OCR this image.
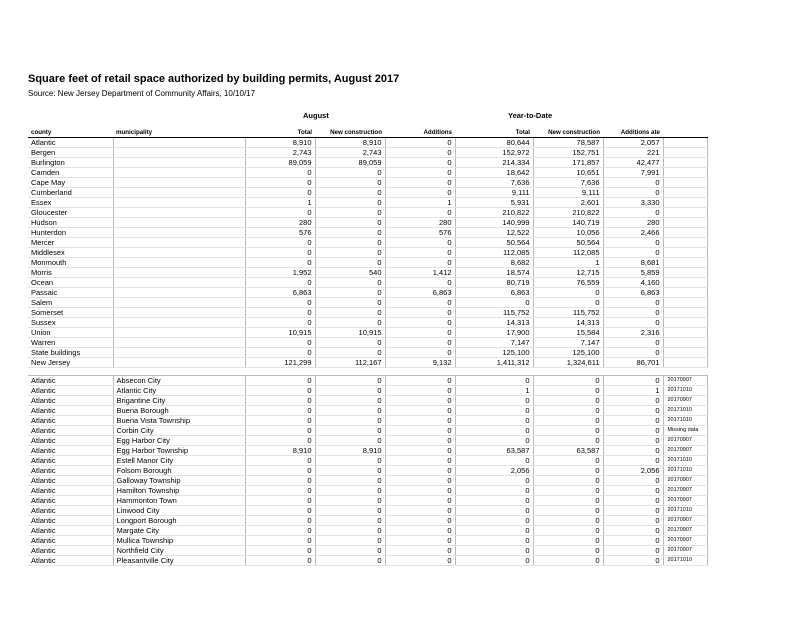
Square feet of retail space authorized by building permits, August 2017
Source: New Jersey Department of Community Affairs, 10/10/17
August	Year-to-Date
county	municipality	Total	New construction	Additions	Total	New construction	Additions ate	
Atlantic		8,910	8,910	0	80,644	78,587	2,057	
Bergen		2,743	2,743	0	152,972	152,751	221	
Burlington		89,059	89,059	0	214,334	171,857	42,477	
Camden		0	0	0	18,642	10,651	7,991	
Cape May		0	0	0	7,636	7,636	0	
Cumberland		0	0	0	9,111	9,111	0	
Essex		1	0	1	5,931	2,601	3,330	
Gloucester		0	0	0	210,822	210,822	0	
Hudson		280	0	280	140,999	140,719	280	
Hunterdon		576	0	576	12,522	10,056	2,466	
Mercer		0	0	0	50,564	50,564	0	
Middlesex		0	0	0	112,085	112,085	0	
Monmouth		0	0	0	8,682	1	8,681	
Morris		1,952	540	1,412	18,574	12,715	5,859	
Ocean		0	0	0	80,719	76,559	4,160	
Passaic		6,863	0	6,863	6,863	0	6,863	
Salem		0	0	0	0	0	0	
Somerset		0	0	0	115,752	115,752	0	
Sussex		0	0	0	14,313	14,313	0	
Union		10,915	10,915	0	17,900	15,584	2,316	
Warren		0	0	0	7,147	7,147	0	
State buildings		0	0	0	125,100	125,100	0	
New Jersey		121,299	112,167	9,132	1,411,312	1,324,611	86,701	

Atlantic	Absecon City	0	0	0	0	0	0	20170907
Atlantic	Atlantic City	0	0	0	1	0	1	20171010
Atlantic	Brigantine City	0	0	0	0	0	0	20170907
Atlantic	Buena Borough	0	0	0	0	0	0	20171010
Atlantic	Buena Vista Township	0	0	0	0	0	0	20171010
Atlantic	Corbin City	0	0	0	0	0	0	Missing data
Atlantic	Egg Harbor City	0	0	0	0	0	0	20170907
Atlantic	Egg Harbor Township	8,910	8,910	0	63,587	63,587	0	20170907
Atlantic	Estell Manor City	0	0	0	0	0	0	20171010
Atlantic	Folsom Borough	0	0	0	2,056	0	2,056	20171010
Atlantic	Galloway Township	0	0	0	0	0	0	20170907
Atlantic	Hamilton Township	0	0	0	0	0	0	20170907
Atlantic	Hammonton Town	0	0	0	0	0	0	20170907
Atlantic	Linwood City	0	0	0	0	0	0	20171010
Atlantic	Longport Borough	0	0	0	0	0	0	20170907
Atlantic	Margate City	0	0	0	0	0	0	20170907
Atlantic	Mullica Township	0	0	0	0	0	0	20170907
Atlantic	Northfield City	0	0	0	0	0	0	20170907
Atlantic	Pleasantville City	0	0	0	0	0	0	20171010
